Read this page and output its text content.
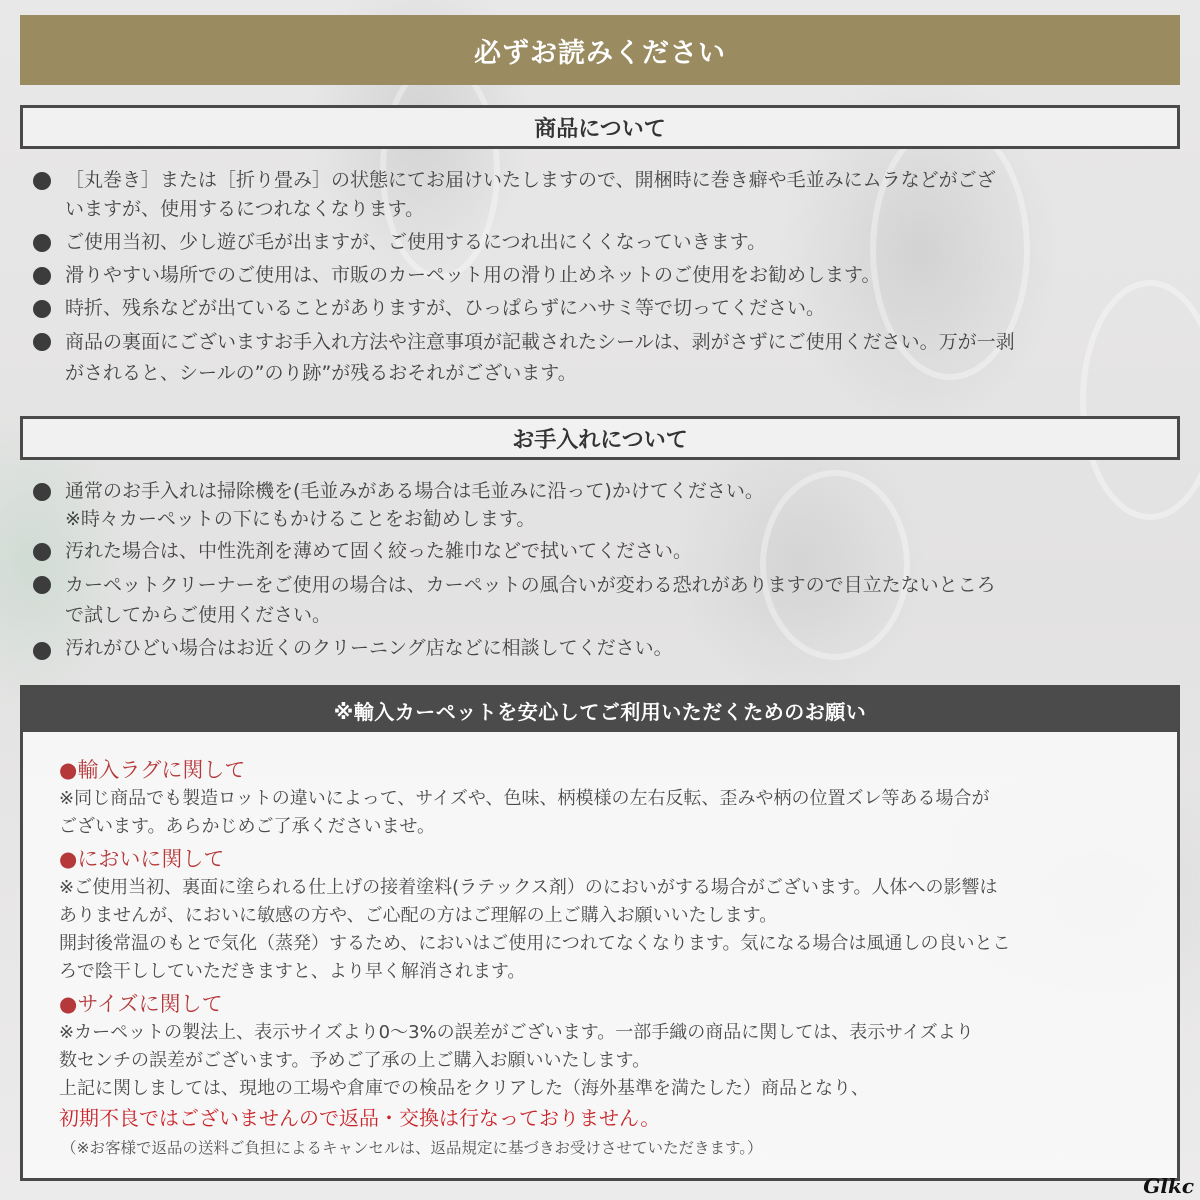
必ずお読みください
商品について
［丸巻き］または［折り畳み］の状態にてお届けいたしますので、開梱時に巻き癖や毛並みにムラなどがござ
いますが、使用するにつれなくなります。
ご使用当初、少し遊び毛が出ますが、ご使用するにつれ出にくくなっていきます。
滑りやすい場所でのご使用は、市販のカーペット用の滑り止めネットのご使用をお勧めします。
時折、残糸などが出ていることがありますが、ひっぱらずにハサミ等で切ってください。
商品の裏面にございますお手入れ方法や注意事項が記載されたシールは、剥がさずにご使用ください。万が一剥
がされると、シールの”のり跡”が残るおそれがございます。
お手入れについて
通常のお手入れは掃除機を(毛並みがある場合は毛並みに沿って)かけてください。
※時々カーペットの下にもかけることをお勧めします。
汚れた場合は、中性洗剤を薄めて固く絞った雑巾などで拭いてください。
カーペットクリーナーをご使用の場合は、カーペットの風合いが変わる恐れがありますので目立たないところ
で試してからご使用ください。
汚れがひどい場合はお近くのクリーニング店などに相談してください。
※輸入カーペットを安心してご利用いただくためのお願い
●輸入ラグに関して
※同じ商品でも製造ロットの違いによって、サイズや、色味、柄模様の左右反転、歪みや柄の位置ズレ等ある場合が
ございます。あらかじめご了承くださいませ。
●においに関して
※ご使用当初、裏面に塗られる仕上げの接着塗料(ラテックス剤）のにおいがする場合がございます。人体への影響は
ありませんが、においに敏感の方や、ご心配の方はご理解の上ご購入お願いいたします。
開封後常温のもとで気化（蒸発）するため、においはご使用につれてなくなります。気になる場合は風通しの良いとこ
ろで陰干ししていただきますと、より早く解消されます。
●サイズに関して
※カーペットの製法上、表示サイズより0〜3%の誤差がございます。一部手織の商品に関しては、表示サイズより
数センチの誤差がございます。予めご了承の上ご購入お願いいたします。
上記に関しましては、現地の工場や倉庫での検品をクリアした（海外基準を満たした）商品となり、
初期不良ではございませんので返品・交換は行なっておりません。
（※お客様で返品の送料ご負担によるキャンセルは、返品規定に基づきお受けさせていただきます。）
Glkc
